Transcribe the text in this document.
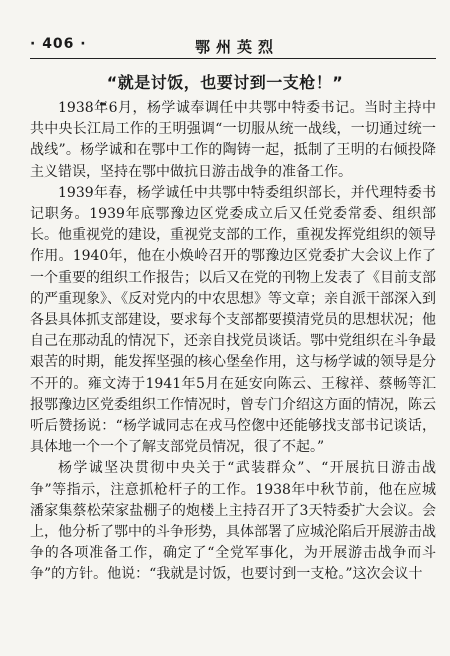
· 406 ·	鄂州英烈
“就是讨饭，也要讨到一支枪！”

1938年6月，杨学诚奉调任中共鄂中特委书记。当时主持中共中央长江局工作的王明强调“一切服从统一战线，一切通过统一战线”。杨学诚和在鄂中工作的陶铸一起，抵制了王明的右倾投降主义错误，坚持在鄂中做抗日游击战争的准备工作。

1939年春，杨学诚任中共鄂中特委组织部长，并代理特委书记职务。1939年底鄂豫边区党委成立后又任党委常委、组织部长。他重视党的建设，重视党支部的工作，重视发挥党组织的领导作用。1940年，他在小焕岭召开的鄂豫边区党委扩大会议上作了一个重要的组织工作报告；以后又在党的刊物上发表了《目前支部的严重现象》、《反对党内的中农思想》等文章；亲自派干部深入到各县具体抓支部建设，要求每个支部都要摸清党员的思想状况；他自己在那动乱的情况下，还亲自找党员谈话。鄂中党组织在斗争最艰苦的时期，能发挥坚强的核心堡垒作用，这与杨学诚的领导是分不开的。雍文涛于1941年5月在延安向陈云、王稼祥、蔡畅等汇报鄂豫边区党委组织工作情况时，曾专门介绍这方面的情况，陈云听后赞扬说：“杨学诚同志在戎马倥偬中还能够找支部书记谈话，具体地一个一个了解支部党员情况，很了不起。”

杨学诚坚决贯彻中央关于“武装群众”、“开展抗日游击战争”等指示，注意抓枪杆子的工作。1938年中秋节前，他在应城潘家集蔡松荣家盐棚子的炮楼上主持召开了3天特委扩大会议。会上，他分析了鄂中的斗争形势，具体部署了应城沦陷后开展游击战争的各项准备工作，确定了“全党军事化，为开展游击战争而斗争”的方针。他说：“我就是讨饭，也要讨到一支枪。”这次会议十
